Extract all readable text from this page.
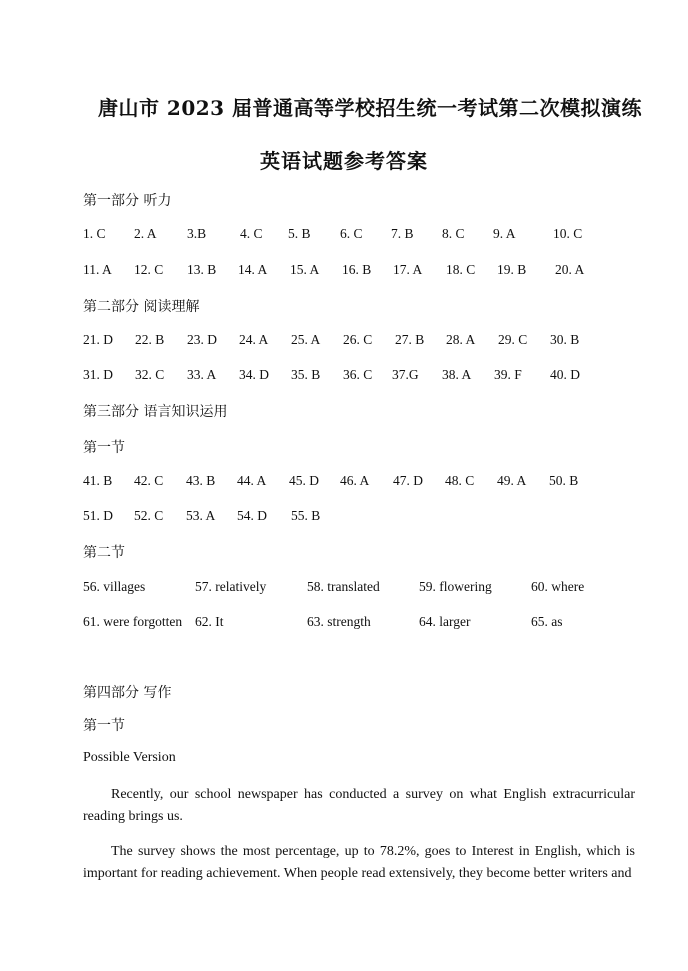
唐山市 2023 届普通高等学校招生统一考试第二次模拟演练
英语试题参考答案
第一部分 听力
1. C 2. A 3.B	4. C 5. B 6. C 7. B 8. C 9. A	10. C
11. A 12. C 13. B 14. A 15. A 16. B 17. A 18. C 19. B 20. A
第二部分 阅读理解
21. D 22. B 23. D 24. A 25. A 26. C 27. B 28. A 29. C 30. B
31. D 32. C 33. A 34. D 35. B 36. C 37.G 38. A 39. F 40. D
第三部分 语言知识运用
第一节
41. B 42. C 43. B 44. A 45. D 46. A 47. D 48. C 49. A 50. B
51. D 52. C 53. A 54. D 55. B
第二节
56. villages	57. relatively	58. translated	59. flowering	60. where
61. were forgotten 62. It	63. strength	64. larger	65. as
第四部分 写作
第一节
Possible Version
Recently, our school newspaper has conducted a survey on what English extracurricular reading brings us.
The survey shows the most percentage, up to 78.2%, goes to Interest in English, which is important for reading achievement. When people read extensively, they become better writers and
